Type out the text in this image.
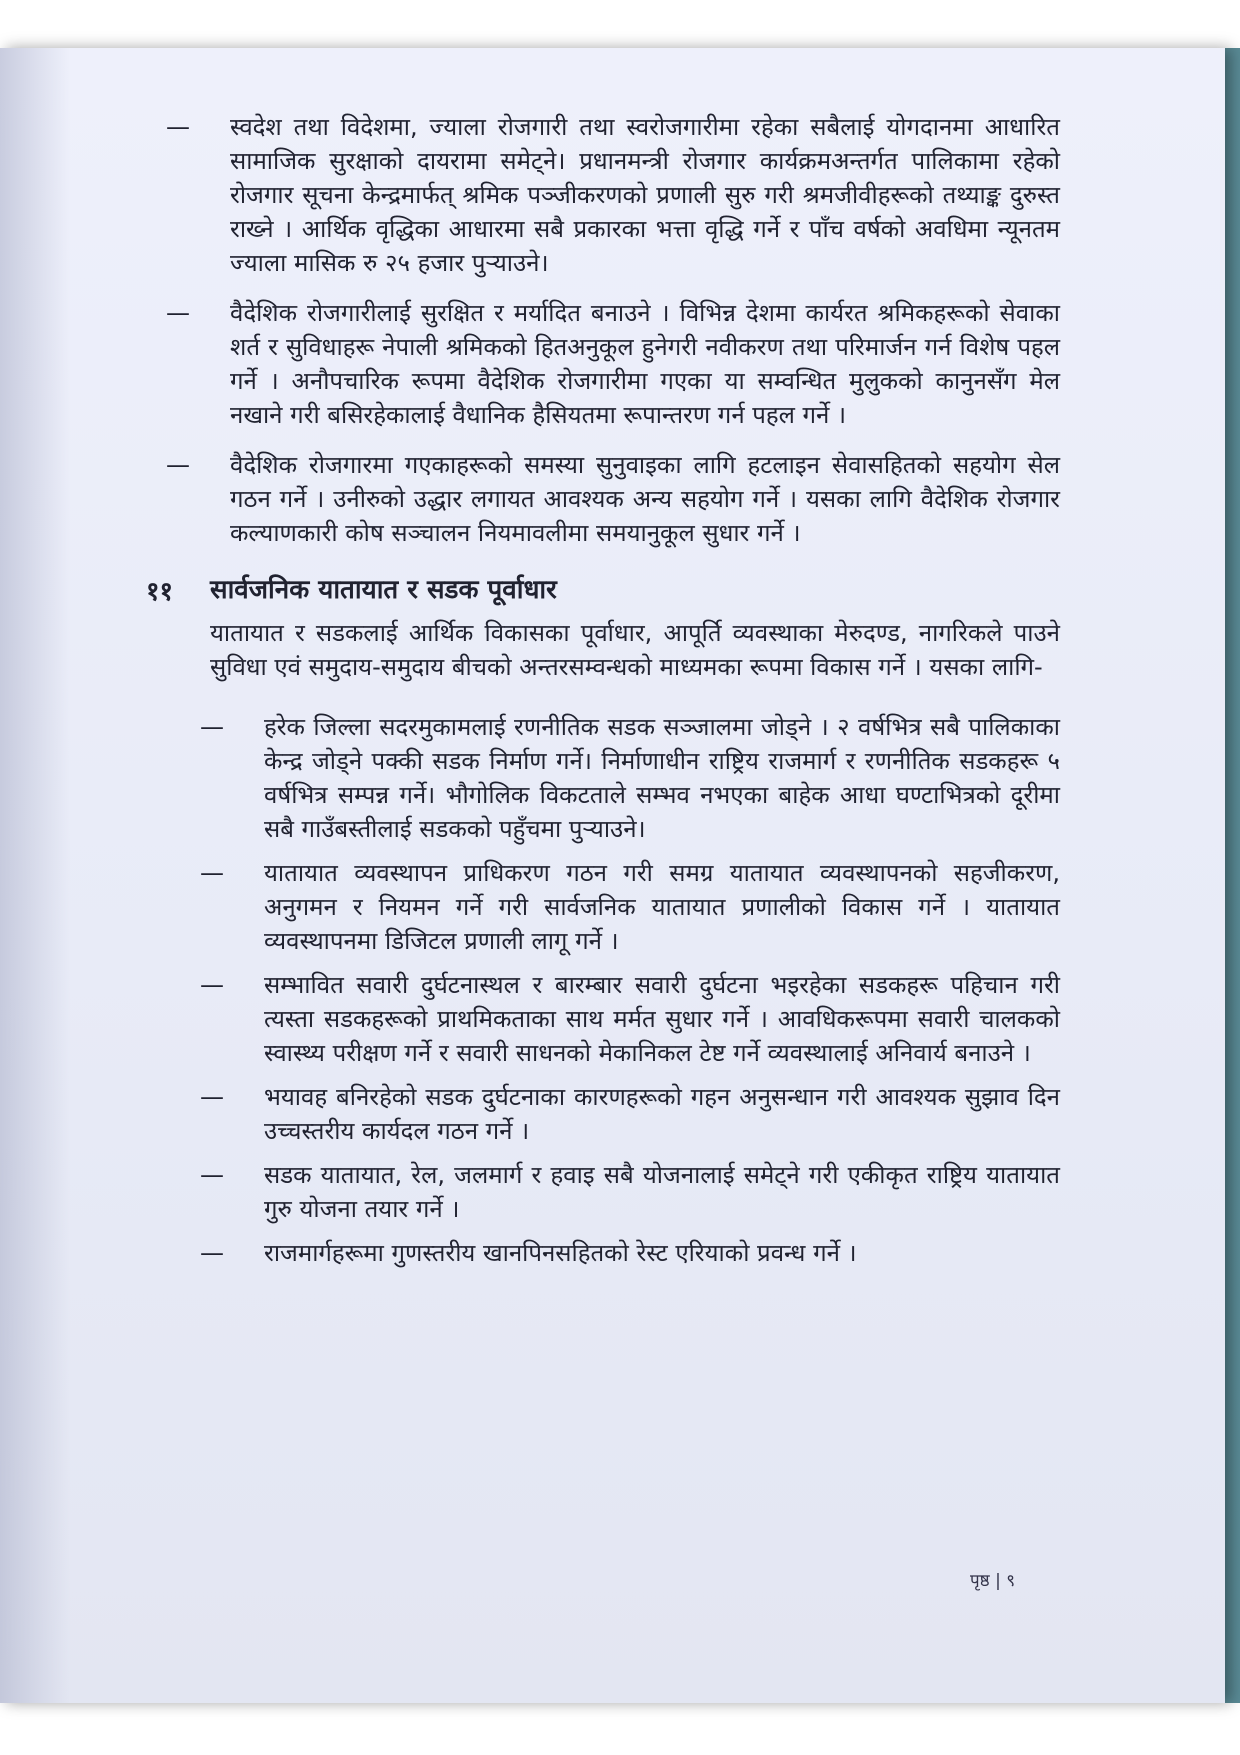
—	स्वदेश तथा विदेशमा, ज्याला रोजगारी तथा स्वरोजगारीमा रहेका सबैलाई योगदानमा आधारित सामाजिक सुरक्षाको दायरामा समेट्ने। प्रधानमन्त्री रोजगार कार्यक्रमअन्तर्गत पालिकामा रहेको रोजगार सूचना केन्द्रमार्फत् श्रमिक पञ्जीकरणको प्रणाली सुरु गरी श्रमजीवीहरूको तथ्याङ्क दुरुस्त राख्ने । आर्थिक वृद्धिका आधारमा सबै प्रकारका भत्ता वृद्धि गर्ने र पाँच वर्षको अवधिमा न्यूनतम ज्याला मासिक रु २५ हजार पुर्‍याउने।
—	वैदेशिक रोजगारीलाई सुरक्षित र मर्यादित बनाउने । विभिन्न देशमा कार्यरत श्रमिकहरूको सेवाका शर्त र सुविधाहरू नेपाली श्रमिकको हितअनुकूल हुनेगरी नवीकरण तथा परिमार्जन गर्न विशेष पहल गर्ने । अनौपचारिक रूपमा वैदेशिक रोजगारीमा गएका या सम्वन्धित मुलुकको कानुनसँग मेल नखाने गरी बसिरहेकालाई वैधानिक हैसियतमा रूपान्तरण गर्न पहल गर्ने ।
—	वैदेशिक रोजगारमा गएकाहरूको समस्या सुनुवाइका लागि हटलाइन सेवासहितको सहयोग सेल गठन गर्ने । उनीरुको उद्धार लगायत आवश्यक अन्य सहयोग गर्ने । यसका लागि वैदेशिक रोजगार कल्याणकारी कोष सञ्चालन नियमावलीमा समयानुकूल सुधार गर्ने ।
११ सार्वजनिक यातायात र सडक पूर्वाधार
यातायात र सडकलाई आर्थिक विकासका पूर्वाधार, आपूर्ति व्यवस्थाका मेरुदण्ड, नागरिकले पाउने सुविधा एवं समुदाय-समुदाय बीचको अन्तरसम्वन्धको माध्यमका रूपमा विकास गर्ने । यसका लागि-
—	हरेक जिल्ला सदरमुकामलाई रणनीतिक सडक सञ्जालमा जोड्ने । २ वर्षभित्र सबै पालिकाका केन्द्र जोड्ने पक्की सडक निर्माण गर्ने। निर्माणाधीन राष्ट्रिय राजमार्ग र रणनीतिक सडकहरू ५ वर्षभित्र सम्पन्न गर्ने। भौगोलिक विकटताले सम्भव नभएका बाहेक आधा घण्टाभित्रको दूरीमा सबै गाउँबस्तीलाई सडकको पहुँचमा पुर्‍याउने।
—	यातायात व्यवस्थापन प्राधिकरण गठन गरी समग्र यातायात व्यवस्थापनको सहजीकरण, अनुगमन र नियमन गर्ने गरी सार्वजनिक यातायात प्रणालीको विकास गर्ने । यातायात व्यवस्थापनमा डिजिटल प्रणाली लागू गर्ने ।
—	सम्भावित सवारी दुर्घटनास्थल र बारम्बार सवारी दुर्घटना भइरहेका सडकहरू पहिचान गरी त्यस्ता सडकहरूको प्राथमिकताका साथ मर्मत सुधार गर्ने । आवधिकरूपमा सवारी चालकको स्वास्थ्य परीक्षण गर्ने र सवारी साधनको मेकानिकल टेष्ट गर्ने व्यवस्थालाई अनिवार्य बनाउने ।
—	भयावह बनिरहेको सडक दुर्घटनाका कारणहरूको गहन अनुसन्धान गरी आवश्यक सुझाव दिन उच्चस्तरीय कार्यदल गठन गर्ने ।
—	सडक यातायात, रेल, जलमार्ग र हवाइ सबै योजनालाई समेट्ने गरी एकीकृत राष्ट्रिय यातायात गुरु योजना तयार गर्ने ।
—	राजमार्गहरूमा गुणस्तरीय खानपिनसहितको रेस्ट एरियाको प्रवन्ध गर्ने ।
पृष्ठ | ९
